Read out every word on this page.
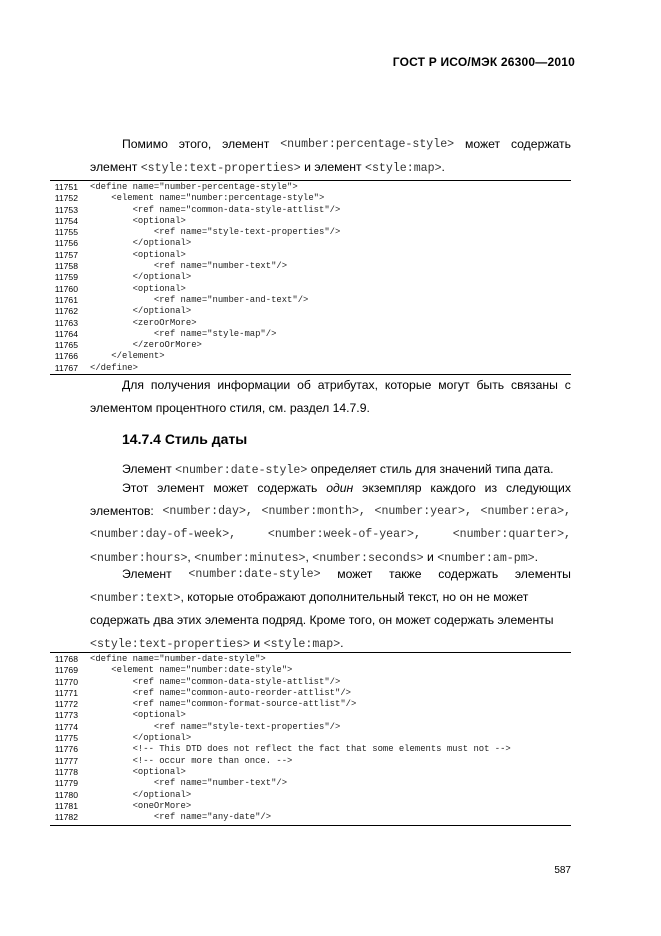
ГОСТ Р ИСО/МЭК 26300—2010
Помимо этого, элемент <number:percentage-style> может содержать
элемент <style:text-properties> и элемент <style:map>.
11751	<define name="number-percentage-style">
11752	<element name="number:percentage-style">
11753	<ref name="common-data-style-attlist"/>
11754	<optional>
11755	<ref name="style-text-properties"/>
11756	</optional>
11757	<optional>
11758	<ref name="number-text"/>
11759	</optional>
11760	<optional>
11761	<ref name="number-and-text"/>
11762	</optional>
11763	<zeroOrMore>
11764	<ref name="style-map"/>
11765	</zeroOrMore>
11766	</element>
11767	</define>
Для получения информации об атрибутах, которые могут быть связаны с
элементом процентного стиля, см. раздел 14.7.9.
14.7.4 Стиль даты
Элемент <number:date-style> определяет стиль для значений типа дата.
Этот элемент может содержать один экземпляр каждого из следующих
элементов: <number:day>, <number:month>, <number:year>, <number:era>,
<number:day-of-week>,	<number:week-of-year>,	<number:quarter>,
<number:hours>, <number:minutes>, <number:seconds> и <number:am-pm>.
Элемент <number:date-style> может также содержать элементы
<number:text>, которые отображают дополнительный текст, но он не может
содержать два этих элемента подряд. Кроме того, он может содержать элементы
<style:text-properties> и <style:map>.
11768	<define name="number-date-style">
11769	<element name="number:date-style">
11770	<ref name="common-data-style-attlist"/>
11771	<ref name="common-auto-reorder-attlist"/>
11772	<ref name="common-format-source-attlist"/>
11773	<optional>
11774	<ref name="style-text-properties"/>
11775	</optional>
11776	<!-- This DTD does not reflect the fact that some elements must not -->
11777	<!-- occur more than once. -->
11778	<optional>
11779	<ref name="number-text"/>
11780	</optional>
11781	<oneOrMore>
11782	<ref name="any-date"/>
587
